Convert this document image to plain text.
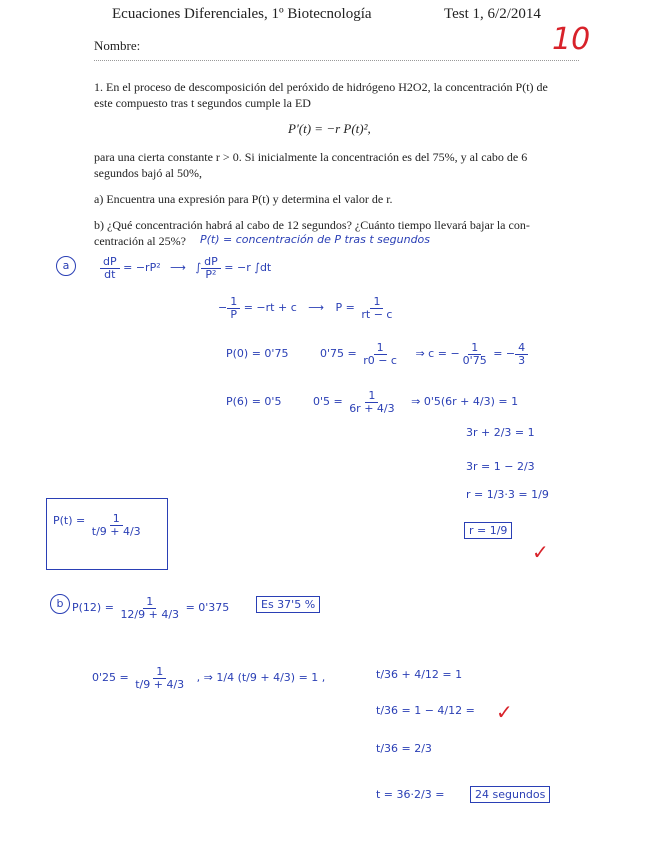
Ecuaciones Diferenciales, 1º Biotecnología	Test 1, 6/2/2014
Nombre:	10
1. En el proceso de descomposición del peróxido de hidrógeno H2O2, la concentración P(t) de
este compuesto tras t segundos cumple la ED
P′(t) = −r P(t)²,
para una cierta constante r > 0. Si inicialmente la concentración es del 75%, y al cabo de 6
segundos bajó al 50%,
a) Encuentra una expresión para P(t) y determina el valor de r.
b) ¿Qué concentración habrá al cabo de 12 segundos? ¿Cuánto tiempo llevará bajar la con-
centración al 25%? P(t) = concentración de P tras t segundos
a	$\frac{dP}{dt} = -rP^2$ ⟶ ∫ $\frac{dP}{\text{P²}} = -r$ ∫dt
− $\frac{1}{P} = -rt + c$ ⟶ $P = \frac{1}{rt - c}$
P(0) = 0'75	$0'75 = \frac{1}{r0 - c}$ ⇒ c = − $\frac{1}{0'75}$ = − $\frac{4}{3}$
P(6) = 0'5	$0'5 = \frac{1}{6r + 4/3}$ ⇒ 0'5(6r + 4/3) = 1
3r + 2/3 = 1
3r = 1 − 2/3
r = 1/3·3 = 1/9
r = 1/9
✓
$P(t) = \frac{1}{t/9 + 4/3}$
b $P(12) = \frac{1}{12/9 + 4/3} = 0'375$	Es 37'5 %
$0'25 = \frac{1}{t/9 + 4/3}$ , ⇒ 1/4 (t/9 + 4/3) = 1 ,	t/36 + 4/12 = 1
t/36 = 1 − 4/12 = ✓
t/36 = 2/3
t = 36·2/3 =	24 segundos
